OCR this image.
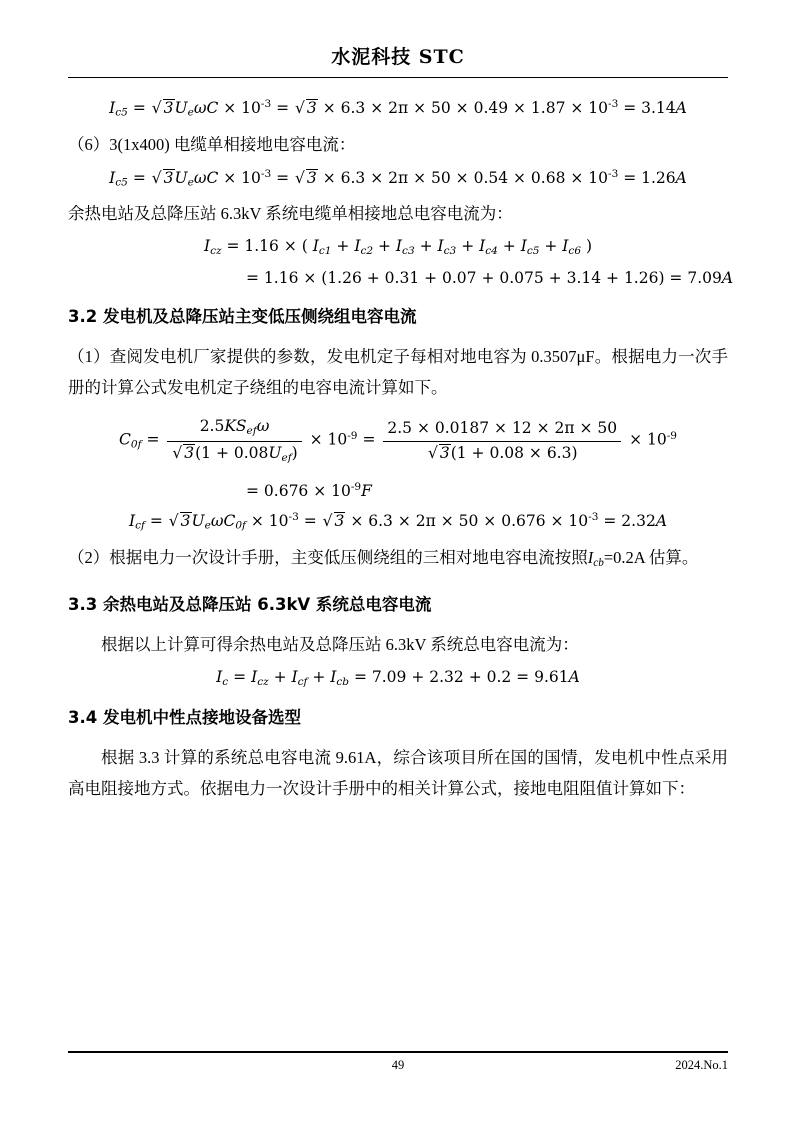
水泥科技 STC
$I_{c5}$ = √ $3U_e\omega C \times 10^{-3}$ = √ $3 \times 6.3 \times 2\pi \times 50 \times 0.49 \times 1.87 \times 10^{-3} = 3.14A$
（6）3(1x400) 电缆单相接地电容电流：
$I_{c5}$ = √ $3U_e\omega C \times 10^{-3}$ = √ $3 \times 6.3 \times 2\pi \times 50 \times 0.54 \times 0.68 \times 10^{-3} = 1.26A$
余热电站及总降压站 6.3kV 系统电缆单相接地总电容电流为：
$I_{cz} = 1.16$ × ( $I_{c1} + I_{c2} + I_{c3} + I_{c3} + I_{c4} + I_{c5} + I_{c6}$ )
= 1.16 × (1.26 + 0.31 + 0.07 + 0.075 + 3.14 + 1.26) = 7.09A
3.2 发电机及总降压站主变低压侧绕组电容电流
（1）查阅发电机厂家提供的参数，发电机定子每相对地电容为 0.3507μF。根据电力一次手册的计算公式发电机定子绕组的电容电流计算如下。
$C_{0f} = \frac{2.5KS_{ef}\omega}{√ 3(1 + 0.08U_{ef})} \times 10^{-9} = \frac{2.5 \times 0.0187 \times 12 \times 2\pi \times 50}{√ 3(1 + 0.08 \times 6.3)} \times 10^{-9}$
= $0.676 \times 10^{-9}F$
$I_{cf}$ = √ $3U_e\omega C_{0f} \times 10^{-3}$ = √ $3 \times 6.3 \times 2\pi \times 50 \times 0.676 \times 10^{-3} = 2.32A$
（2）根据电力一次设计手册，主变低压侧绕组的三相对地电容电流按照$I_{cb}=0.2A$ 估算。
3.3 余热电站及总降压站 6.3kV 系统总电容电流
根据以上计算可得余热电站及总降压站 6.3kV 系统总电容电流为：
$I_c = I_{cz} + I_{cf} + I_{cb} = 7.09 + 2.32 + 0.2 = 9.61A$
3.4 发电机中性点接地设备选型
根据 3.3 计算的系统总电容电流 9.61A，综合该项目所在国的国情，发电机中性点采用高电阻接地方式。依据电力一次设计手册中的相关计算公式，接地电阻阻值计算如下：
49	2024.No.1
